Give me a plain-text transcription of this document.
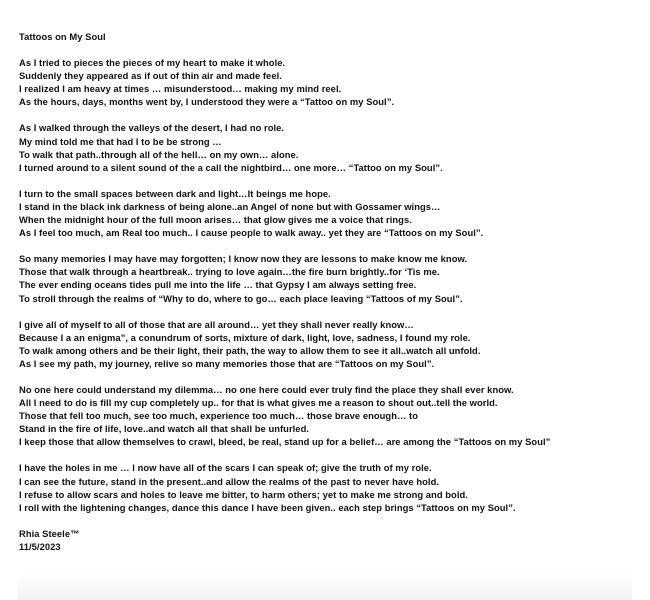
Tattoos on My Soul
As I tried to pieces the pieces of my heart to make it whole.
Suddenly they appeared as if out of thin air and made feel.
I realized I am heavy at times … misunderstood… making my mind reel.
As the hours, days, months went by, I understood they were a “Tattoo on my Soul”.
As I walked through the valleys of the desert, I had no role.
My mind told me that had I to be be strong …
To walk that path..through all of the hell… on my own… alone.
I turned around to a silent sound of the a call the nightbird… one more… “Tattoo on my Soul”.
I turn to the small spaces between dark and light…It beings me hope.
I stand in the black ink darkness of being alone..an Angel of none but with Gossamer wings…
When the midnight hour of the full moon arises… that glow gives me a voice that rings.
As I feel too much, am Real too much.. I cause people to walk away.. yet they are “Tattoos on my Soul”.
So many memories I may have may forgotten; I know now they are lessons to make know me know.
Those that walk through a heartbreak.. trying to love again…the fire burn brightly..for ‘Tis me.
The ever ending oceans tides pull me into the life … that Gypsy I am always setting free.
To stroll through the realms of “Why to do, where to go… each place leaving “Tattoos of my Soul”.
I give all of myself to all of those that are all around… yet they shall never really know…
Because I a an enigma”, a conundrum of sorts, mixture of dark, light, love, sadness, I found my role.
To walk among others and be their light, their path, the way to allow them to see it all..watch all unfold.
As I see my path, my journey, relive so many memories those that are “Tattoos on my Soul”.
No one here could understand my dilemma… no one here could ever truly find the place they shall ever know.
All I need to do is fill my cup completely up.. for that is what gives me a reason to shout out..tell the world.
Those that fell too much, see too much, experience too much… those brave enough… to
Stand in the fire of life, love..and watch all that shall be unfurled.
I keep those that allow themselves to crawl, bleed, be real, stand up for a belief… are among the “Tattoos on my Soul”
I have the holes in me … I now have all of the scars I can speak of; give the truth of my role.
I can see the future, stand in the present..and allow the realms of the past to never have hold.
I refuse to allow scars and holes to leave me bitter, to harm others; yet to make me strong and bold.
I roll with the lightening changes, dance this dance I have been given.. each step brings “Tattoos on my Soul”.
Rhia Steele™
11/5/2023
